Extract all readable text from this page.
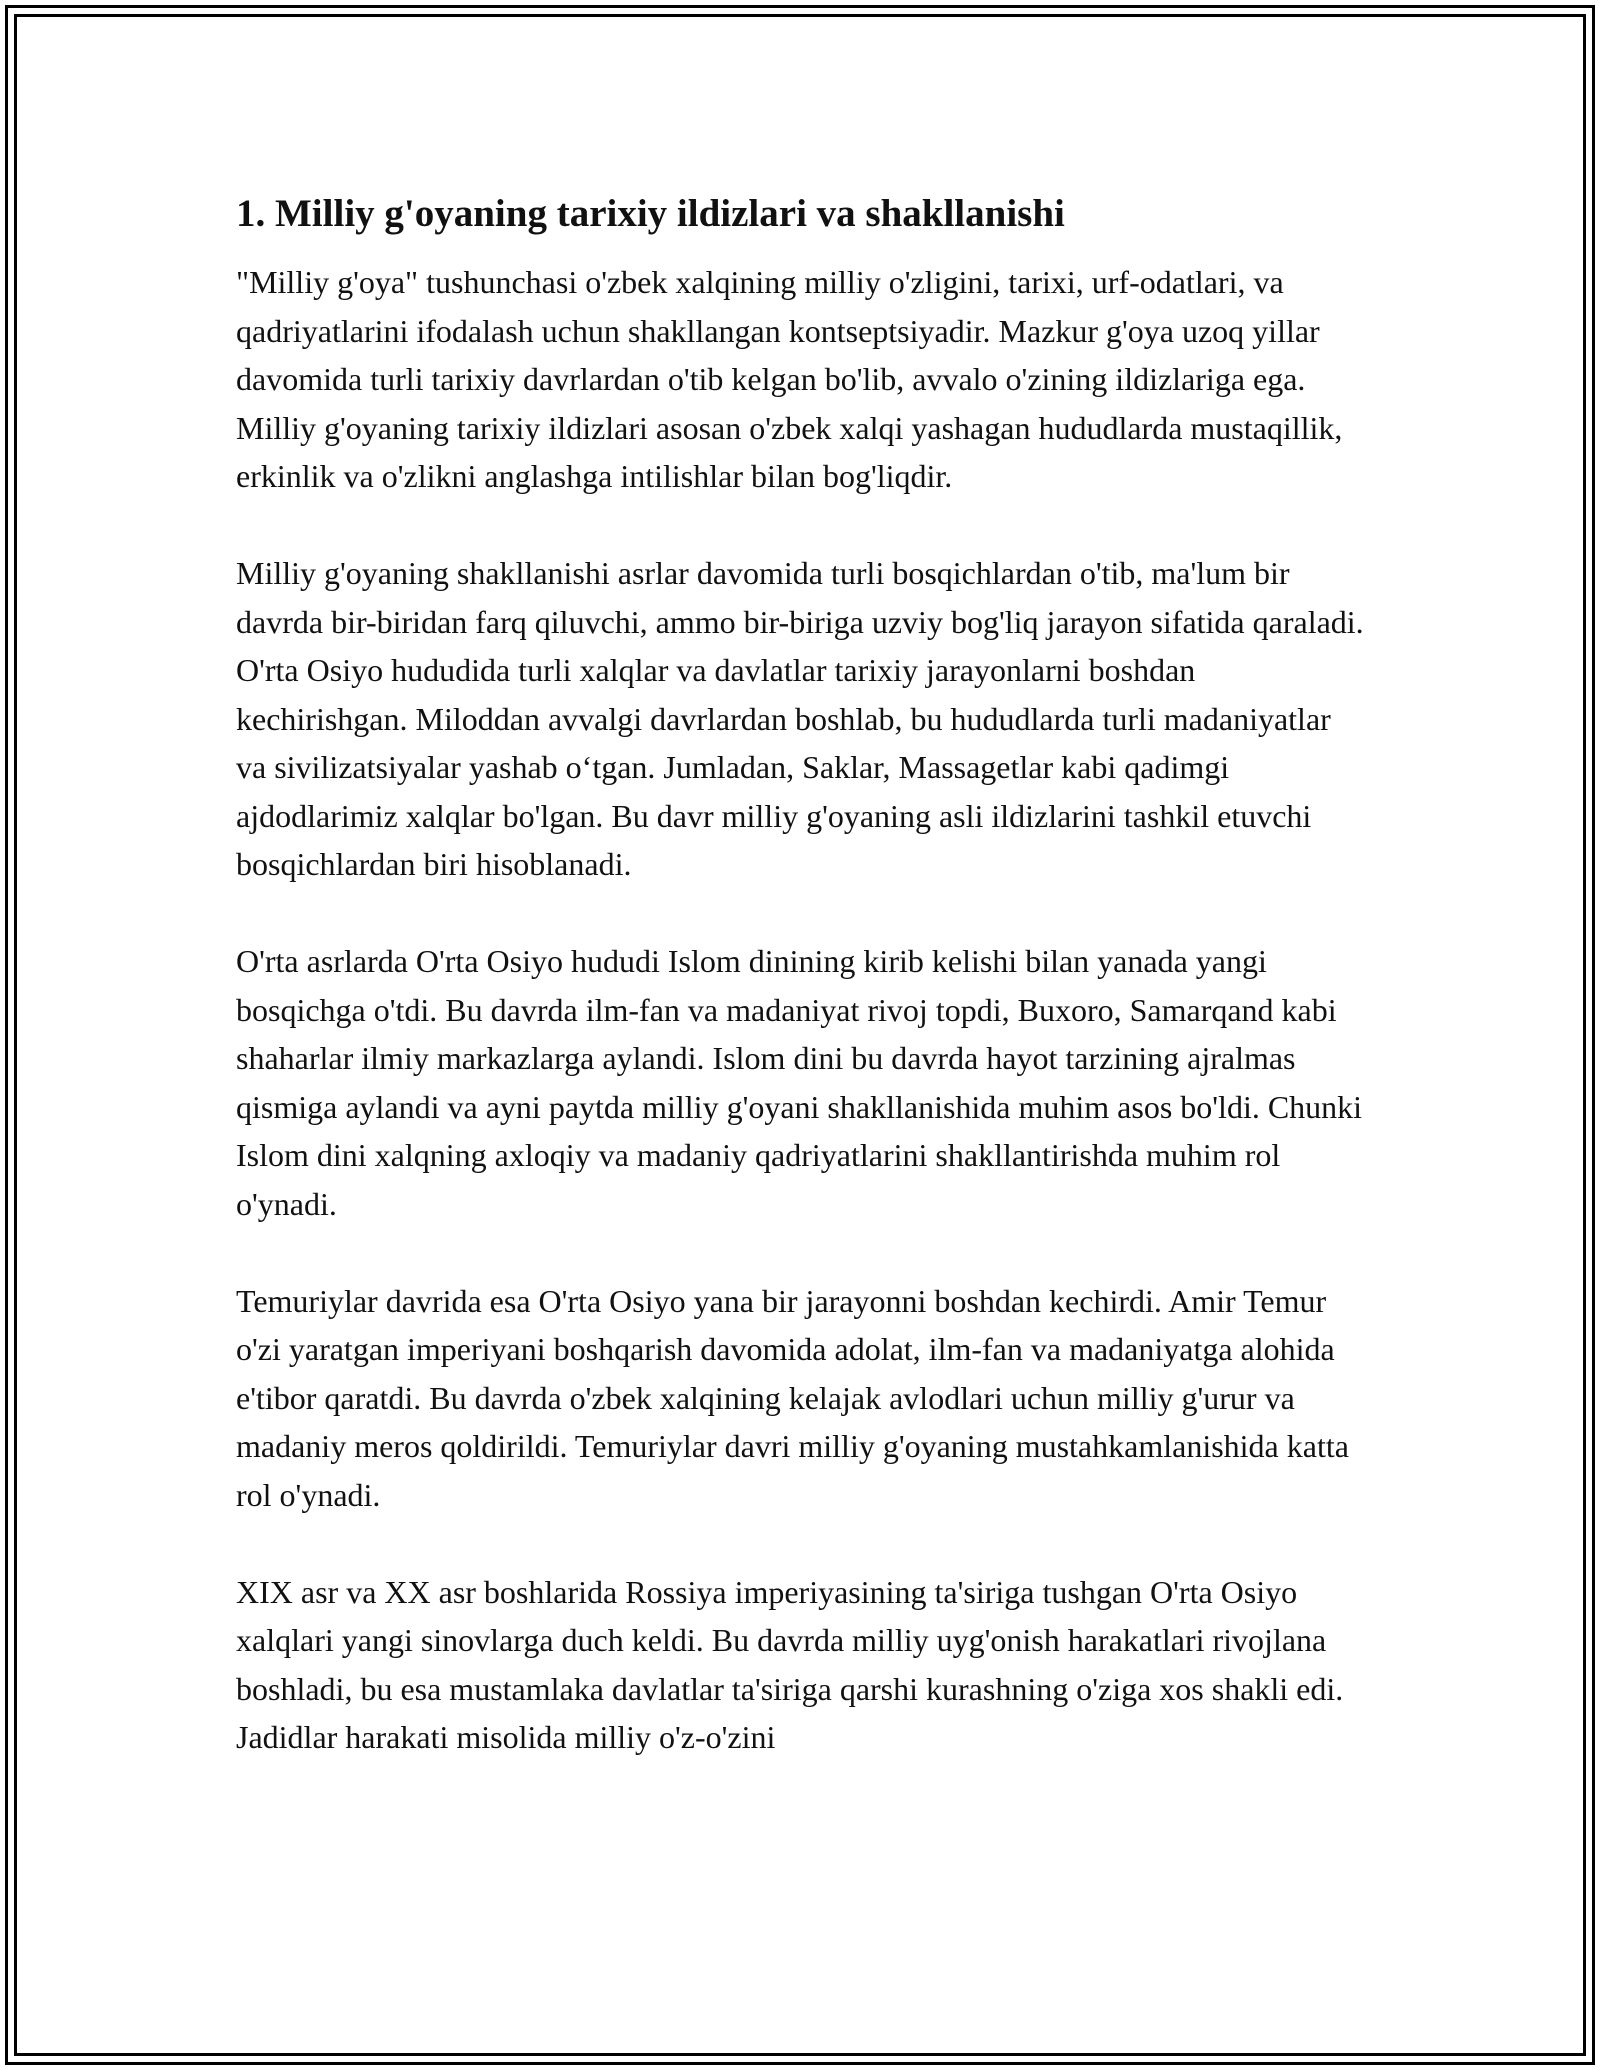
1. Milliy g'oyaning tarixiy ildizlari va shakllanishi

"Milliy g'oya" tushunchasi o'zbek xalqining milliy o'zligini, tarixi, urf-odatlari, va qadriyatlarini ifodalash uchun shakllangan kontseptsiyadir. Mazkur g'oya uzoq yillar davomida turli tarixiy davrlardan o'tib kelgan bo'lib, avvalo o'zining ildizlariga ega. Milliy g'oyaning tarixiy ildizlari asosan o'zbek xalqi yashagan hududlarda mustaqillik, erkinlik va o'zlikni anglashga intilishlar bilan bog'liqdir.

Milliy g'oyaning shakllanishi asrlar davomida turli bosqichlardan o'tib, ma'lum bir davrda bir-biridan farq qiluvchi, ammo bir-biriga uzviy bog'liq jarayon sifatida qaraladi. O'rta Osiyo hududida turli xalqlar va davlatlar tarixiy jarayonlarni boshdan kechirishgan. Miloddan avvalgi davrlardan boshlab, bu hududlarda turli madaniyatlar va sivilizatsiyalar yashab o‘tgan. Jumladan, Saklar, Massagetlar kabi qadimgi ajdodlarimiz xalqlar bo'lgan. Bu davr milliy g'oyaning asli ildizlarini tashkil etuvchi bosqichlardan biri hisoblanadi.

O'rta asrlarda O'rta Osiyo hududi Islom dinining kirib kelishi bilan yanada yangi bosqichga o'tdi. Bu davrda ilm-fan va madaniyat rivoj topdi, Buxoro, Samarqand kabi shaharlar ilmiy markazlarga aylandi. Islom dini bu davrda hayot tarzining ajralmas qismiga aylandi va ayni paytda milliy g'oyani shakllanishida muhim asos bo'ldi. Chunki Islom dini xalqning axloqiy va madaniy qadriyatlarini shakllantirishda muhim rol o'ynadi.

Temuriylar davrida esa O'rta Osiyo yana bir jarayonni boshdan kechirdi. Amir Temur o'zi yaratgan imperiyani boshqarish davomida adolat, ilm-fan va madaniyatga alohida e'tibor qaratdi. Bu davrda o'zbek xalqining kelajak avlodlari uchun milliy g'urur va madaniy meros qoldirildi. Temuriylar davri milliy g'oyaning mustahkamlanishida katta rol o'ynadi.

XIX asr va XX asr boshlarida Rossiya imperiyasining ta'siriga tushgan O'rta Osiyo xalqlari yangi sinovlarga duch keldi. Bu davrda milliy uyg'onish harakatlari rivojlana boshladi, bu esa mustamlaka davlatlar ta'siriga qarshi kurashning o'ziga xos shakli edi. Jadidlar harakati misolida milliy o'z-o'zini
